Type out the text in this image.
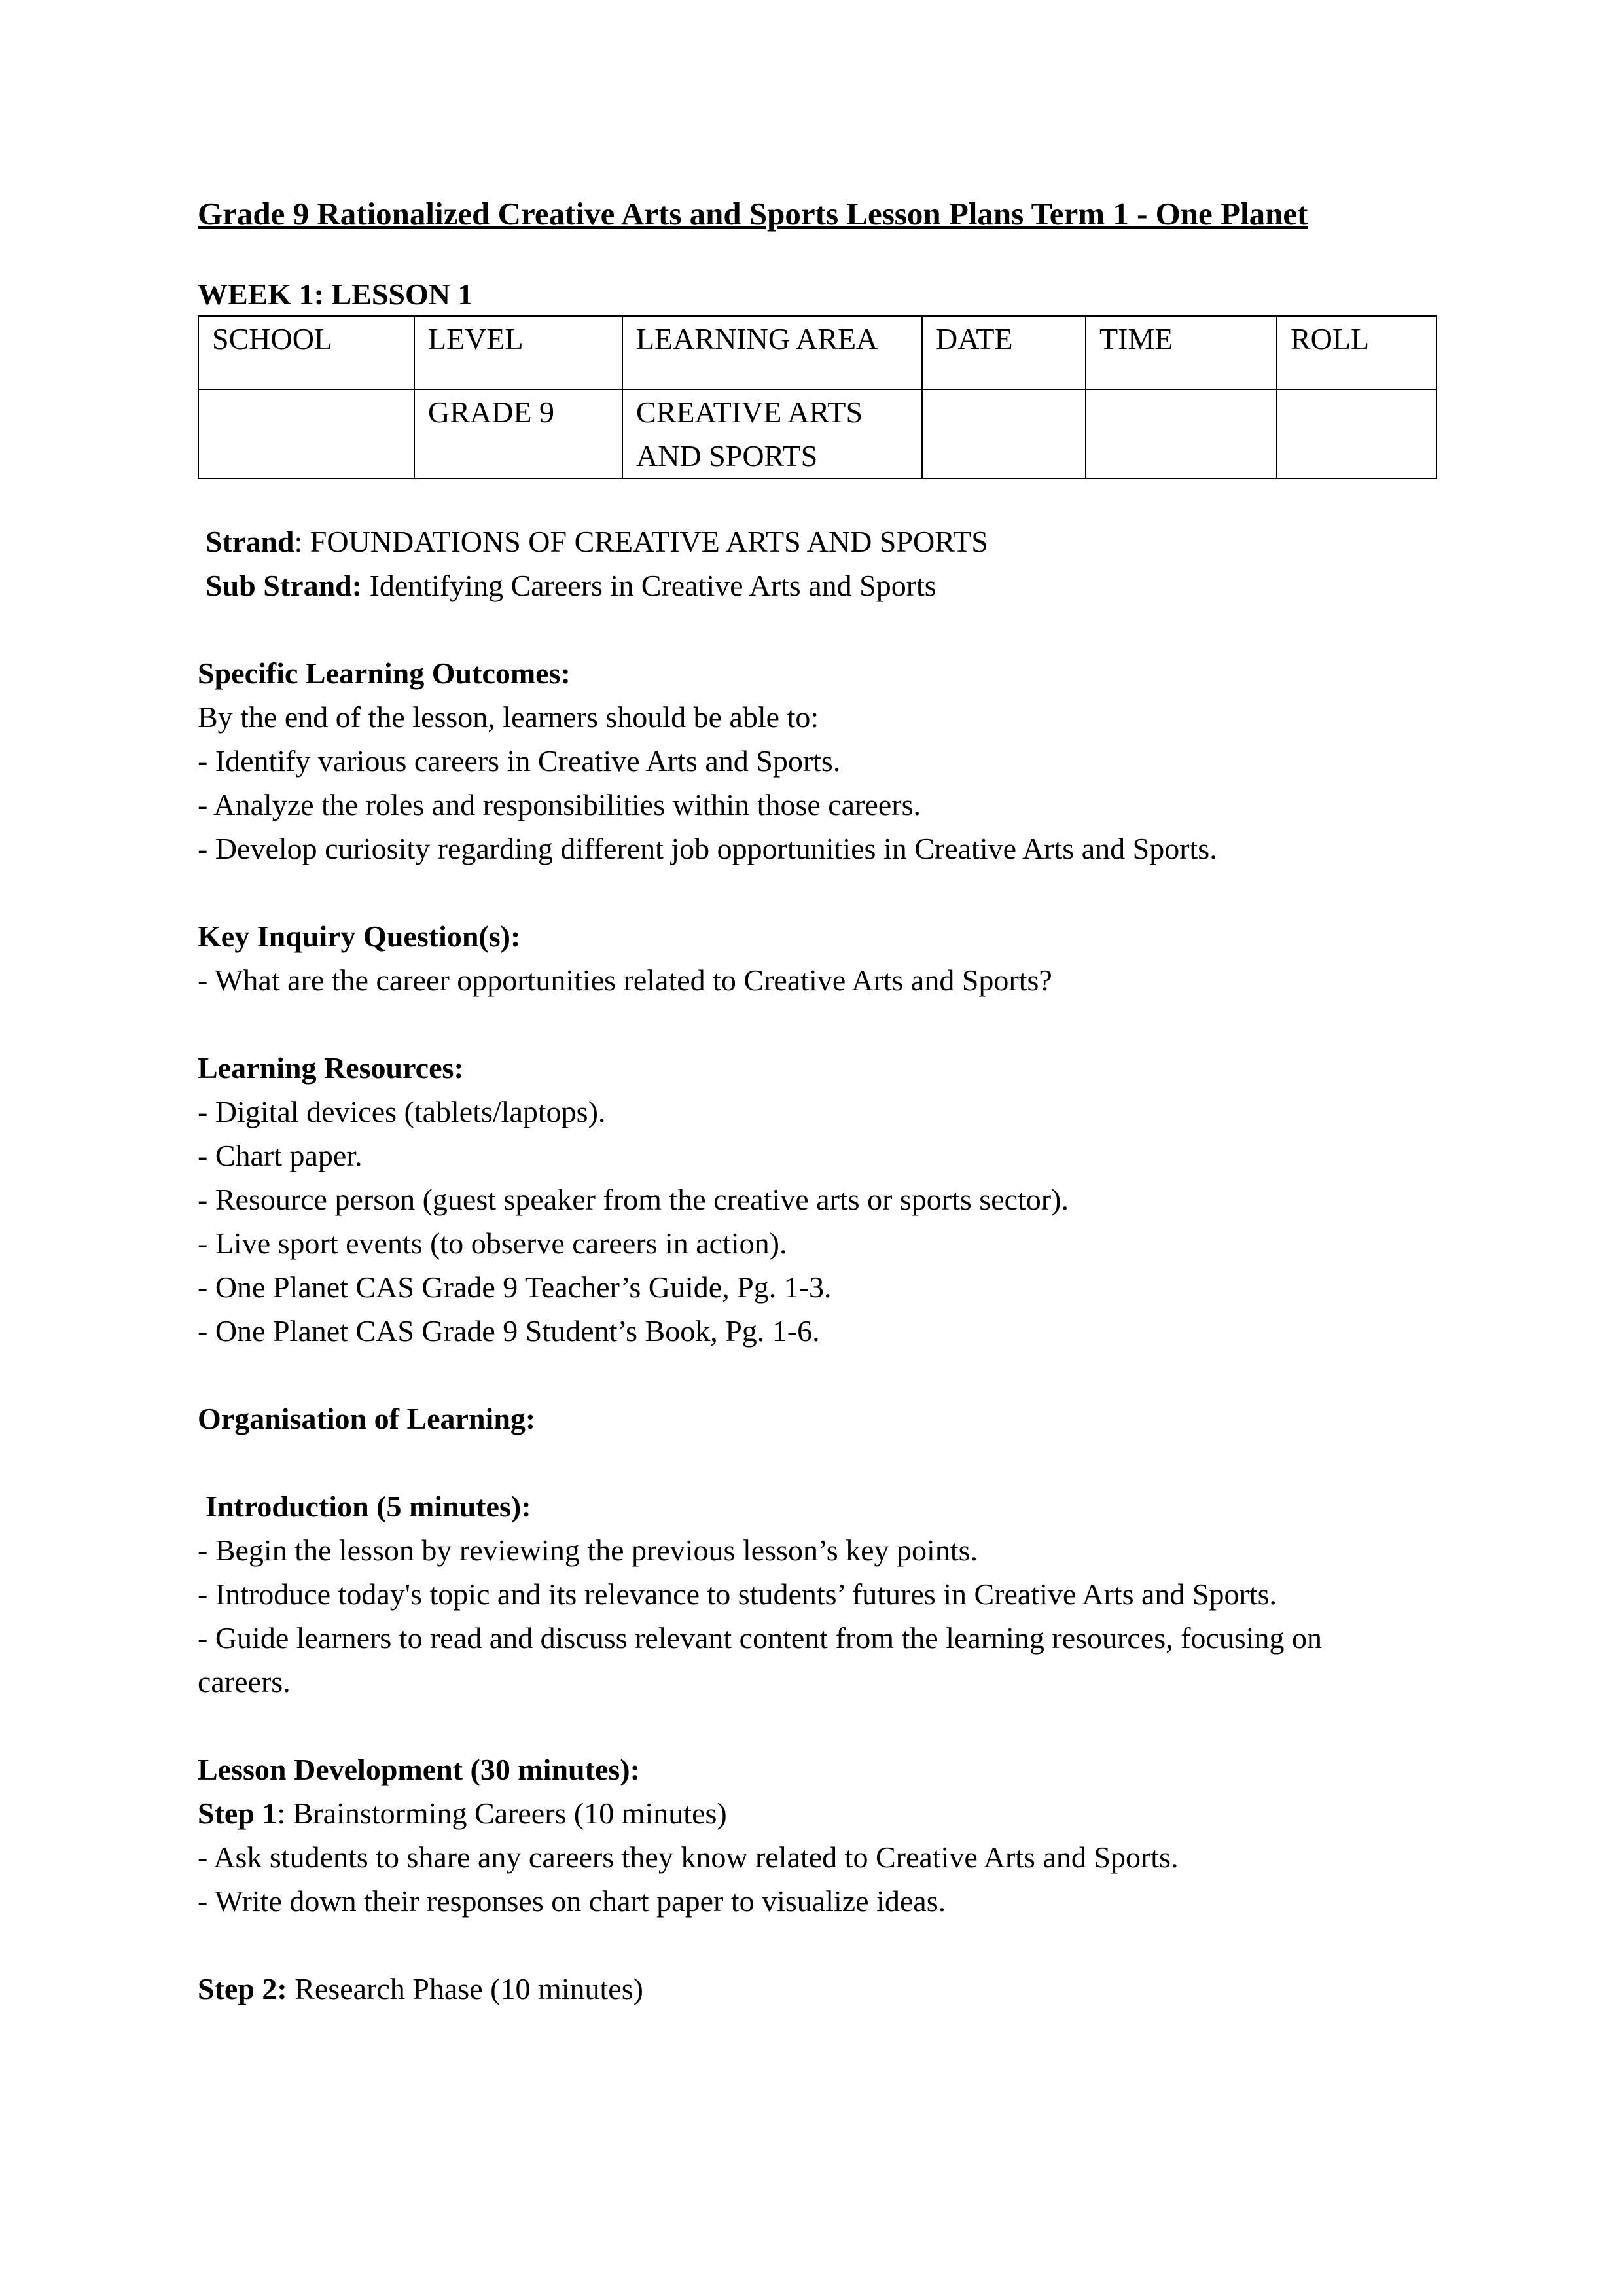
Grade 9 Rationalized Creative Arts and Sports Lesson Plans Term 1 - One Planet
WEEK 1: LESSON 1
SCHOOL	LEVEL	LEARNING AREA	DATE	TIME	ROLL
	GRADE 9	CREATIVE ARTS AND SPORTS			
Strand: FOUNDATIONS OF CREATIVE ARTS AND SPORTS
Sub Strand: Identifying Careers in Creative Arts and Sports
Specific Learning Outcomes:
By the end of the lesson, learners should be able to:
- Identify various careers in Creative Arts and Sports.
- Analyze the roles and responsibilities within those careers.
- Develop curiosity regarding different job opportunities in Creative Arts and Sports.
Key Inquiry Question(s):
- What are the career opportunities related to Creative Arts and Sports?
Learning Resources:
- Digital devices (tablets/laptops).
- Chart paper.
- Resource person (guest speaker from the creative arts or sports sector).
- Live sport events (to observe careers in action).
- One Planet CAS Grade 9 Teacher’s Guide, Pg. 1-3.
- One Planet CAS Grade 9 Student’s Book, Pg. 1-6.
Organisation of Learning:
Introduction (5 minutes):
- Begin the lesson by reviewing the previous lesson’s key points.
- Introduce today's topic and its relevance to students’ futures in Creative Arts and Sports.
- Guide learners to read and discuss relevant content from the learning resources, focusing on
careers.
Lesson Development (30 minutes):
Step 1: Brainstorming Careers (10 minutes)
- Ask students to share any careers they know related to Creative Arts and Sports.
- Write down their responses on chart paper to visualize ideas.
Step 2: Research Phase (10 minutes)
